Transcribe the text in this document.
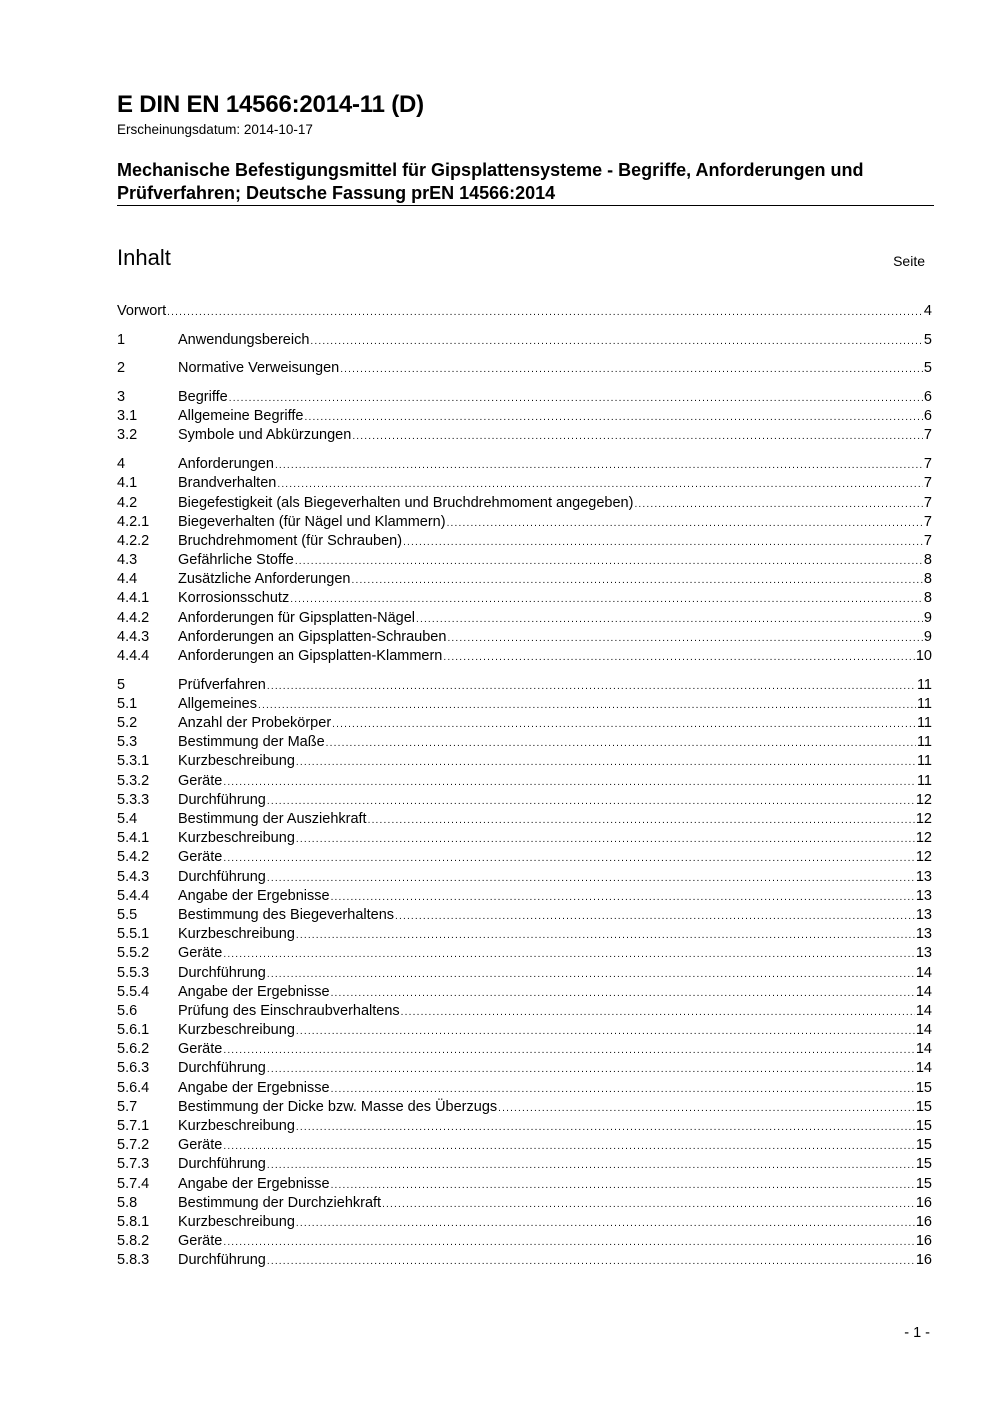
E DIN EN 14566:2014-11 (D)
Erscheinungsdatum: 2014-10-17
Mechanische Befestigungsmittel für Gipsplattensysteme - Begriffe, Anforderungen und Prüfverfahren; Deutsche Fassung prEN 14566:2014
Inhalt	Seite
Vorwort .....	4
1	Anwendungsbereich .....	5
2	Normative Verweisungen .....	5
3	Begriffe .....	6
3.1	Allgemeine Begriffe .....	6
3.2	Symbole und Abkürzungen .....	7
4	Anforderungen .....	7
4.1	Brandverhalten .....	7
4.2	Biegefestigkeit (als Biegeverhalten und Bruchdrehmoment angegeben) .....	7
4.2.1	Biegeverhalten (für Nägel und Klammern) .....	7
4.2.2	Bruchdrehmoment (für Schrauben) .....	7
4.3	Gefährliche Stoffe .....	8
4.4	Zusätzliche Anforderungen .....	8
4.4.1	Korrosionsschutz .....	8
4.4.2	Anforderungen für Gipsplatten-Nägel .....	9
4.4.3	Anforderungen an Gipsplatten-Schrauben .....	9
4.4.4	Anforderungen an Gipsplatten-Klammern .....	10
5	Prüfverfahren .....	11
5.1	Allgemeines .....	11
5.2	Anzahl der Probekörper .....	11
5.3	Bestimmung der Maße .....	11
5.3.1	Kurzbeschreibung .....	11
5.3.2	Geräte .....	11
5.3.3	Durchführung .....	12
5.4	Bestimmung der Ausziehkraft .....	12
5.4.1	Kurzbeschreibung .....	12
5.4.2	Geräte .....	12
5.4.3	Durchführung .....	13
5.4.4	Angabe der Ergebnisse .....	13
5.5	Bestimmung des Biegeverhaltens .....	13
5.5.1	Kurzbeschreibung .....	13
5.5.2	Geräte .....	13
5.5.3	Durchführung .....	14
5.5.4	Angabe der Ergebnisse .....	14
5.6	Prüfung des Einschraubverhaltens .....	14
5.6.1	Kurzbeschreibung .....	14
5.6.2	Geräte .....	14
5.6.3	Durchführung .....	14
5.6.4	Angabe der Ergebnisse .....	15
5.7	Bestimmung der Dicke bzw. Masse des Überzugs .....	15
5.7.1	Kurzbeschreibung .....	15
5.7.2	Geräte .....	15
5.7.3	Durchführung .....	15
5.7.4	Angabe der Ergebnisse .....	15
5.8	Bestimmung der Durchziehkraft .....	16
5.8.1	Kurzbeschreibung .....	16
5.8.2	Geräte .....	16
5.8.3	Durchführung .....	16
- 1 -
